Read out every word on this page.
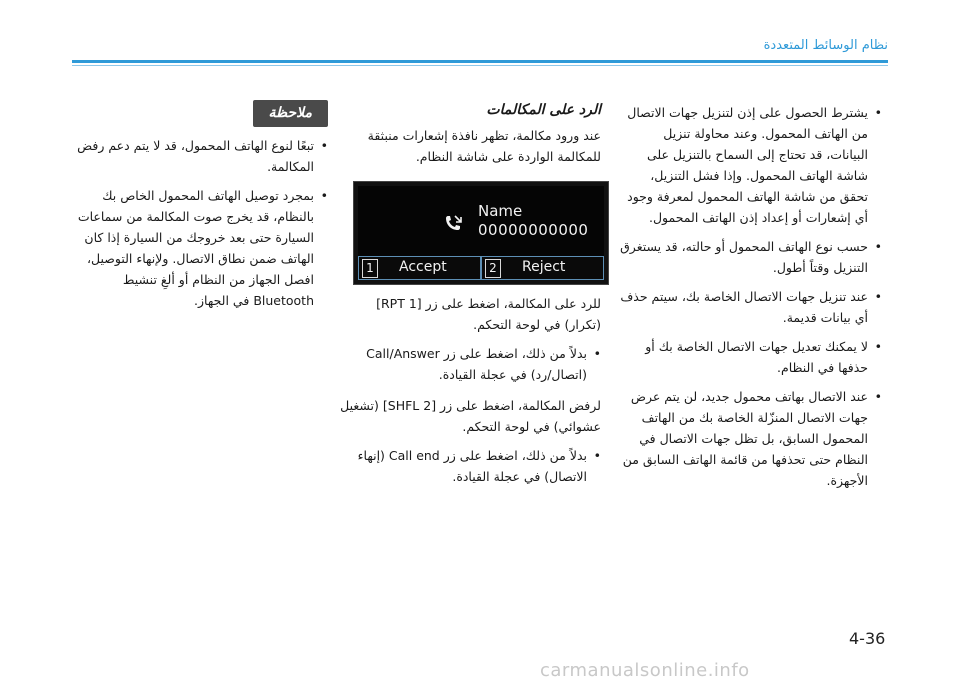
نظام الوسائط المتعددة
•
يشترط الحصول على إذن لتنزيل جهات الاتصال من الهاتف المحمول. وعند محاولة تنزيل البيانات، قد تحتاج إلى السماح بالتنزيل على شاشة الهاتف المحمول. وإذا فشل التنزيل، تحقق من شاشة الهاتف المحمول لمعرفة وجود أي إشعارات أو إعداد إذن الهاتف المحمول.
•
حسب نوع الهاتف المحمول أو حالته، قد يستغرق التنزيل وقتاً أطول.
•
عند تنزيل جهات الاتصال الخاصة بك، سيتم حذف أي بيانات قديمة.
•
لا يمكنك تعديل جهات الاتصال الخاصة بك أو حذفها في النظام.
•
عند الاتصال بهاتف محمول جديد، لن يتم عرض جهات الاتصال المنزّلة الخاصة بك من الهاتف المحمول السابق، بل تظل جهات الاتصال في النظام حتى تحذفها من قائمة الهاتف السابق من الأجهزة.
الرد على المكالمات

عند ورود مكالمة، تظهر نافذة إشعارات منبثقة للمكالمة الواردة على شاشة النظام.

Name
00000000000
1 Accept	2 Reject

للرد على المكالمة، اضغط على زر [RPT 1] (تكرار) في لوحة التحكم.

•
بدلاً من ذلك، اضغط على زر Call/Answer (اتصال/رد) في عجلة القيادة.

لرفض المكالمة، اضغط على زر [SHFL 2] (تشغيل عشوائي) في لوحة التحكم.

•
بدلاً من ذلك، اضغط على زر Call end (إنهاء الاتصال) في عجلة القيادة.
ملاحظة
•
تبعًا لنوع الهاتف المحمول، قد لا يتم دعم رفض المكالمة.
•
بمجرد توصيل الهاتف المحمول الخاص بك بالنظام، قد يخرج صوت المكالمة من سماعات السيارة حتى بعد خروجك من السيارة إذا كان الهاتف ضمن نطاق الاتصال. ولإنهاء التوصيل، افصل الجهاز من النظام أو ألغِ تنشيط Bluetooth في الجهاز.
4-36
carmanualsonline.info
